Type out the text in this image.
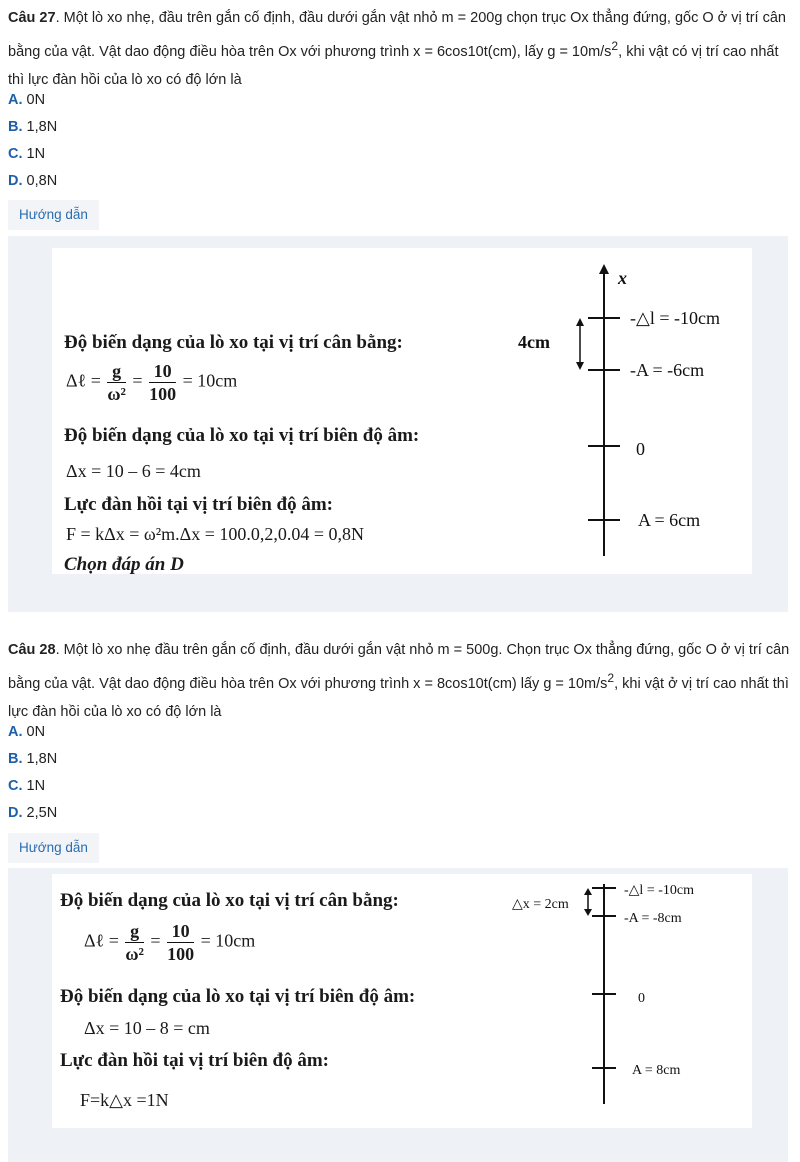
Câu 27. Một lò xo nhẹ, đầu trên gắn cố định, đầu dưới gắn vật nhỏ m = 200g chọn trục Ox thẳng đứng, gốc O ở vị trí cân bằng của vật. Vật dao động điều hòa trên Ox với phương trình x = 6cos10t(cm), lấy $g = 10m/s^2$, khi vật có vị trí cao nhất thì lực đàn hồi của lò xo có độ lớn là

A. 0N
B. 1,8N
C. 1N
D. 0,8N
Hướng dẫn
Độ biến dạng của lò xo tại vị trí cân bằng:
Δℓ = $\frac{g}{\text{ω²}} = \frac{10}{100} = 10cm$
Độ biến dạng của lò xo tại vị trí biên độ âm:
Δx = 10 – 6 = 4cm
Lực đàn hồi tại vị trí biên độ âm:
F = kΔx = ω²m.Δx = 100.0,2,0.04 = 0,8N
Chọn đáp án D
x
-△l = -10cm
-A = -6cm
0
A = 6cm
4cm

Câu 28. Một lò xo nhẹ đầu trên gắn cố định, đầu dưới gắn vật nhỏ m = 500g. Chọn trục Ox thẳng đứng, gốc O ở vị trí cân bằng của vật. Vật dao động điều hòa trên Ox với phương trình x = 8cos10t(cm) lấy $g = 10m/s^2$, khi vật ở vị trí cao nhất thì lực đàn hồi của lò xo có độ lớn là

A. 0N
B. 1,8N
C. 1N
D. 2,5N
Hướng dẫn
Độ biến dạng của lò xo tại vị trí cân bằng:
Δℓ = $\frac{g}{\text{ω²}} = \frac{10}{100} = 10cm$
Độ biến dạng của lò xo tại vị trí biên độ âm:
Δx = 10 – 8 = cm
Lực đàn hồi tại vị trí biên độ âm:
F=k△x =1N
-△l = -10cm
-A = -8cm
0
A = 8cm
△x = 2cm
